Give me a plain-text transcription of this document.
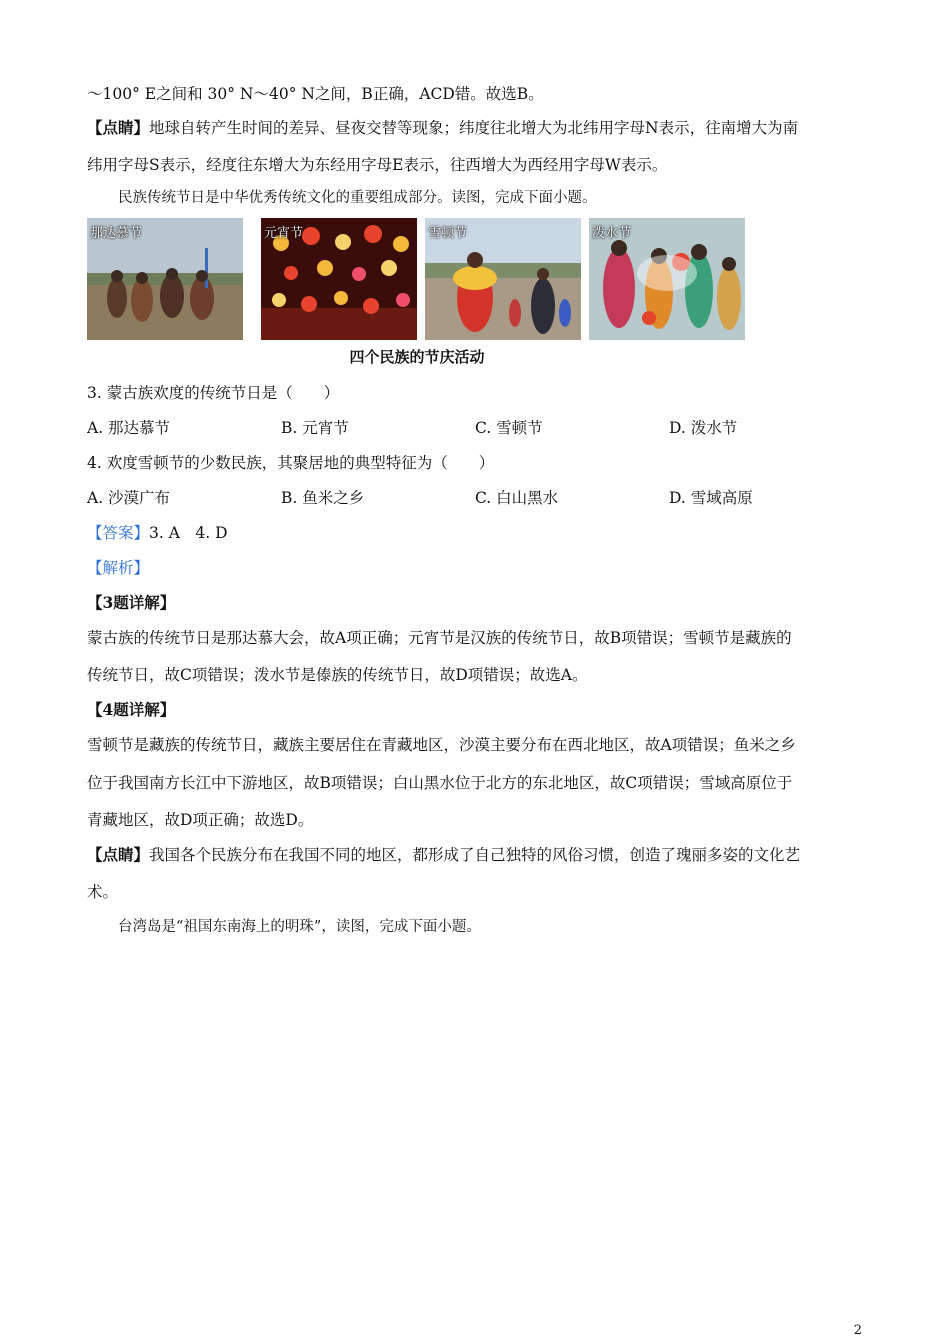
～100° E之间和 30° N～40° N之间，B正确，ACD错。故选B。
【点睛】地球自转产生时间的差异、昼夜交替等现象；纬度往北增大为北纬用字母N表示，往南增大为南
纬用字母S表示，经度往东增大为东经用字母E表示，往西增大为西经用字母W表示。
民族传统节日是中华优秀传统文化的重要组成部分。读图，完成下面小题。
那达慕节	元宵节	雪顿节	泼水节
四个民族的节庆活动
3. 蒙古族欢度的传统节日是（　　）
A. 那达慕节	B. 元宵节	C. 雪顿节	D. 泼水节
4. 欢度雪顿节的少数民族，其聚居地的典型特征为（　　）
A. 沙漠广布	B. 鱼米之乡	C. 白山黑水	D. 雪域高原
【答案】3. A　4. D
【解析】
【3题详解】
蒙古族的传统节日是那达慕大会，故A项正确；元宵节是汉族的传统节日，故B项错误；雪顿节是藏族的
传统节日，故C项错误；泼水节是傣族的传统节日，故D项错误；故选A。
【4题详解】
雪顿节是藏族的传统节日，藏族主要居住在青藏地区，沙漠主要分布在西北地区，故A项错误；鱼米之乡
位于我国南方长江中下游地区，故B项错误；白山黑水位于北方的东北地区，故C项错误；雪域高原位于
青藏地区，故D项正确；故选D。
【点睛】我国各个民族分布在我国不同的地区，都形成了自己独特的风俗习惯，创造了瑰丽多姿的文化艺
术。
台湾岛是“祖国东南海上的明珠”，读图，完成下面小题。
2
